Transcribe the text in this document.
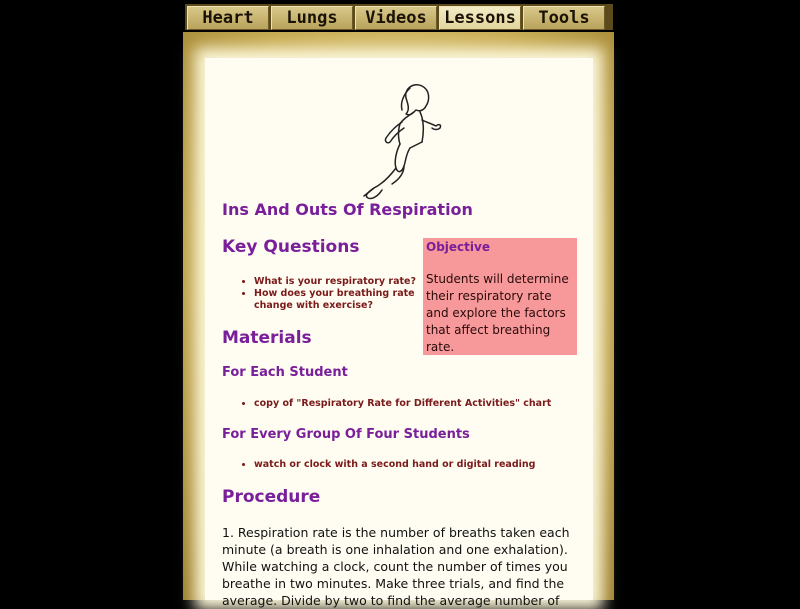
Heart	Lungs	Videos	Lessons	Tools
Ins And Outs Of Respiration
Key Questions
• What is your respiratory rate?
• How does your breathing rate change with exercise?

Objective

Students will determine their respiratory rate and explore the factors that affect breathing rate.

Materials
For Each Student
• copy of "Respiratory Rate for Different Activities" chart
For Every Group Of Four Students
• watch or clock with a second hand or digital reading
Procedure

1. Respiration rate is the number of breaths taken each minute (a breath is one inhalation and one exhalation). While watching a clock, count the number of times you breathe in two minutes. Make three trials, and find the average. Divide by two to find the average number of
